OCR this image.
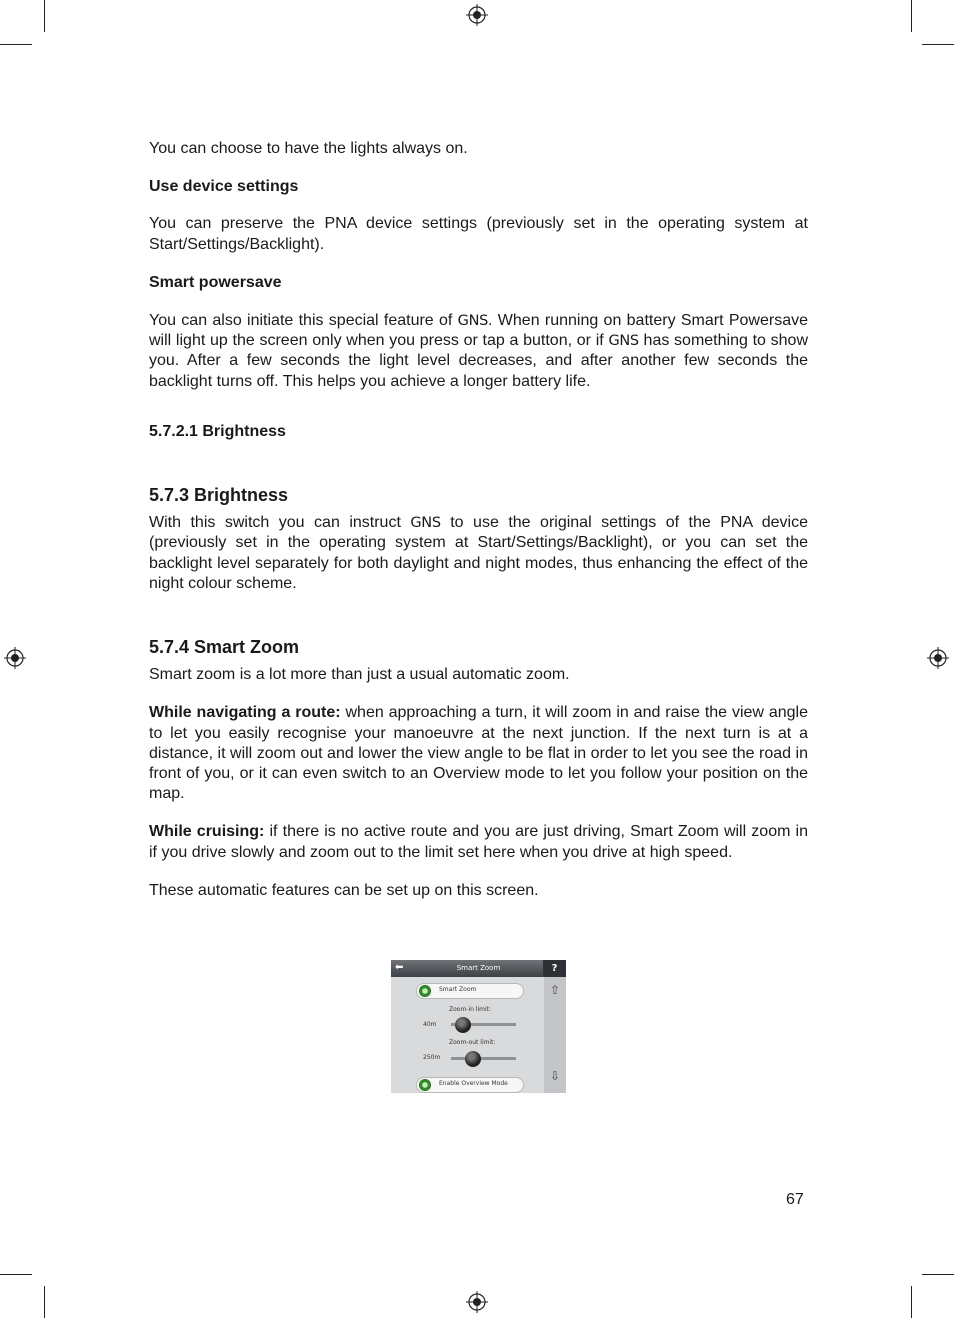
You can choose to have the lights always on.

Use device settings

You can preserve the PNA device settings (previously set in the operating system at Start/Settings/Backlight).

Smart powersave

You can also initiate this special feature of GNS. When running on battery Smart Powersave will light up the screen only when you press or tap a button, or if GNS has something to show you. After a few seconds the light level decreases, and after another few seconds the backlight turns off. This helps you achieve a longer battery life.

5.7.2.1 Brightness

5.7.3 Brightness

With this switch you can instruct GNS to use the original settings of the PNA device (previously set in the operating system at Start/Settings/Backlight), or you can set the backlight level separately for both daylight and night modes, thus enhancing the effect of the night colour scheme.

5.7.4 Smart Zoom

Smart zoom is a lot more than just a usual automatic zoom.

While navigating a route: when approaching a turn, it will zoom in and raise the view angle to let you easily recognise your manoeuvre at the next junction. If the next turn is at a distance, it will zoom out and lower the view angle to be flat in order to let you see the road in front of you, or it can even switch to an Overview mode to let you follow your position on the map.

While cruising: if there is no active route and you are just driving, Smart Zoom will zoom in if you drive slowly and zoom out to the limit set here when you drive at high speed.

These automatic features can be set up on this screen.

⬅	Smart Zoom	?
⇧
⇩
Smart Zoom
Zoom-in limit:
40m
Zoom-out limit:
250m
Enable Overview Mode
67
